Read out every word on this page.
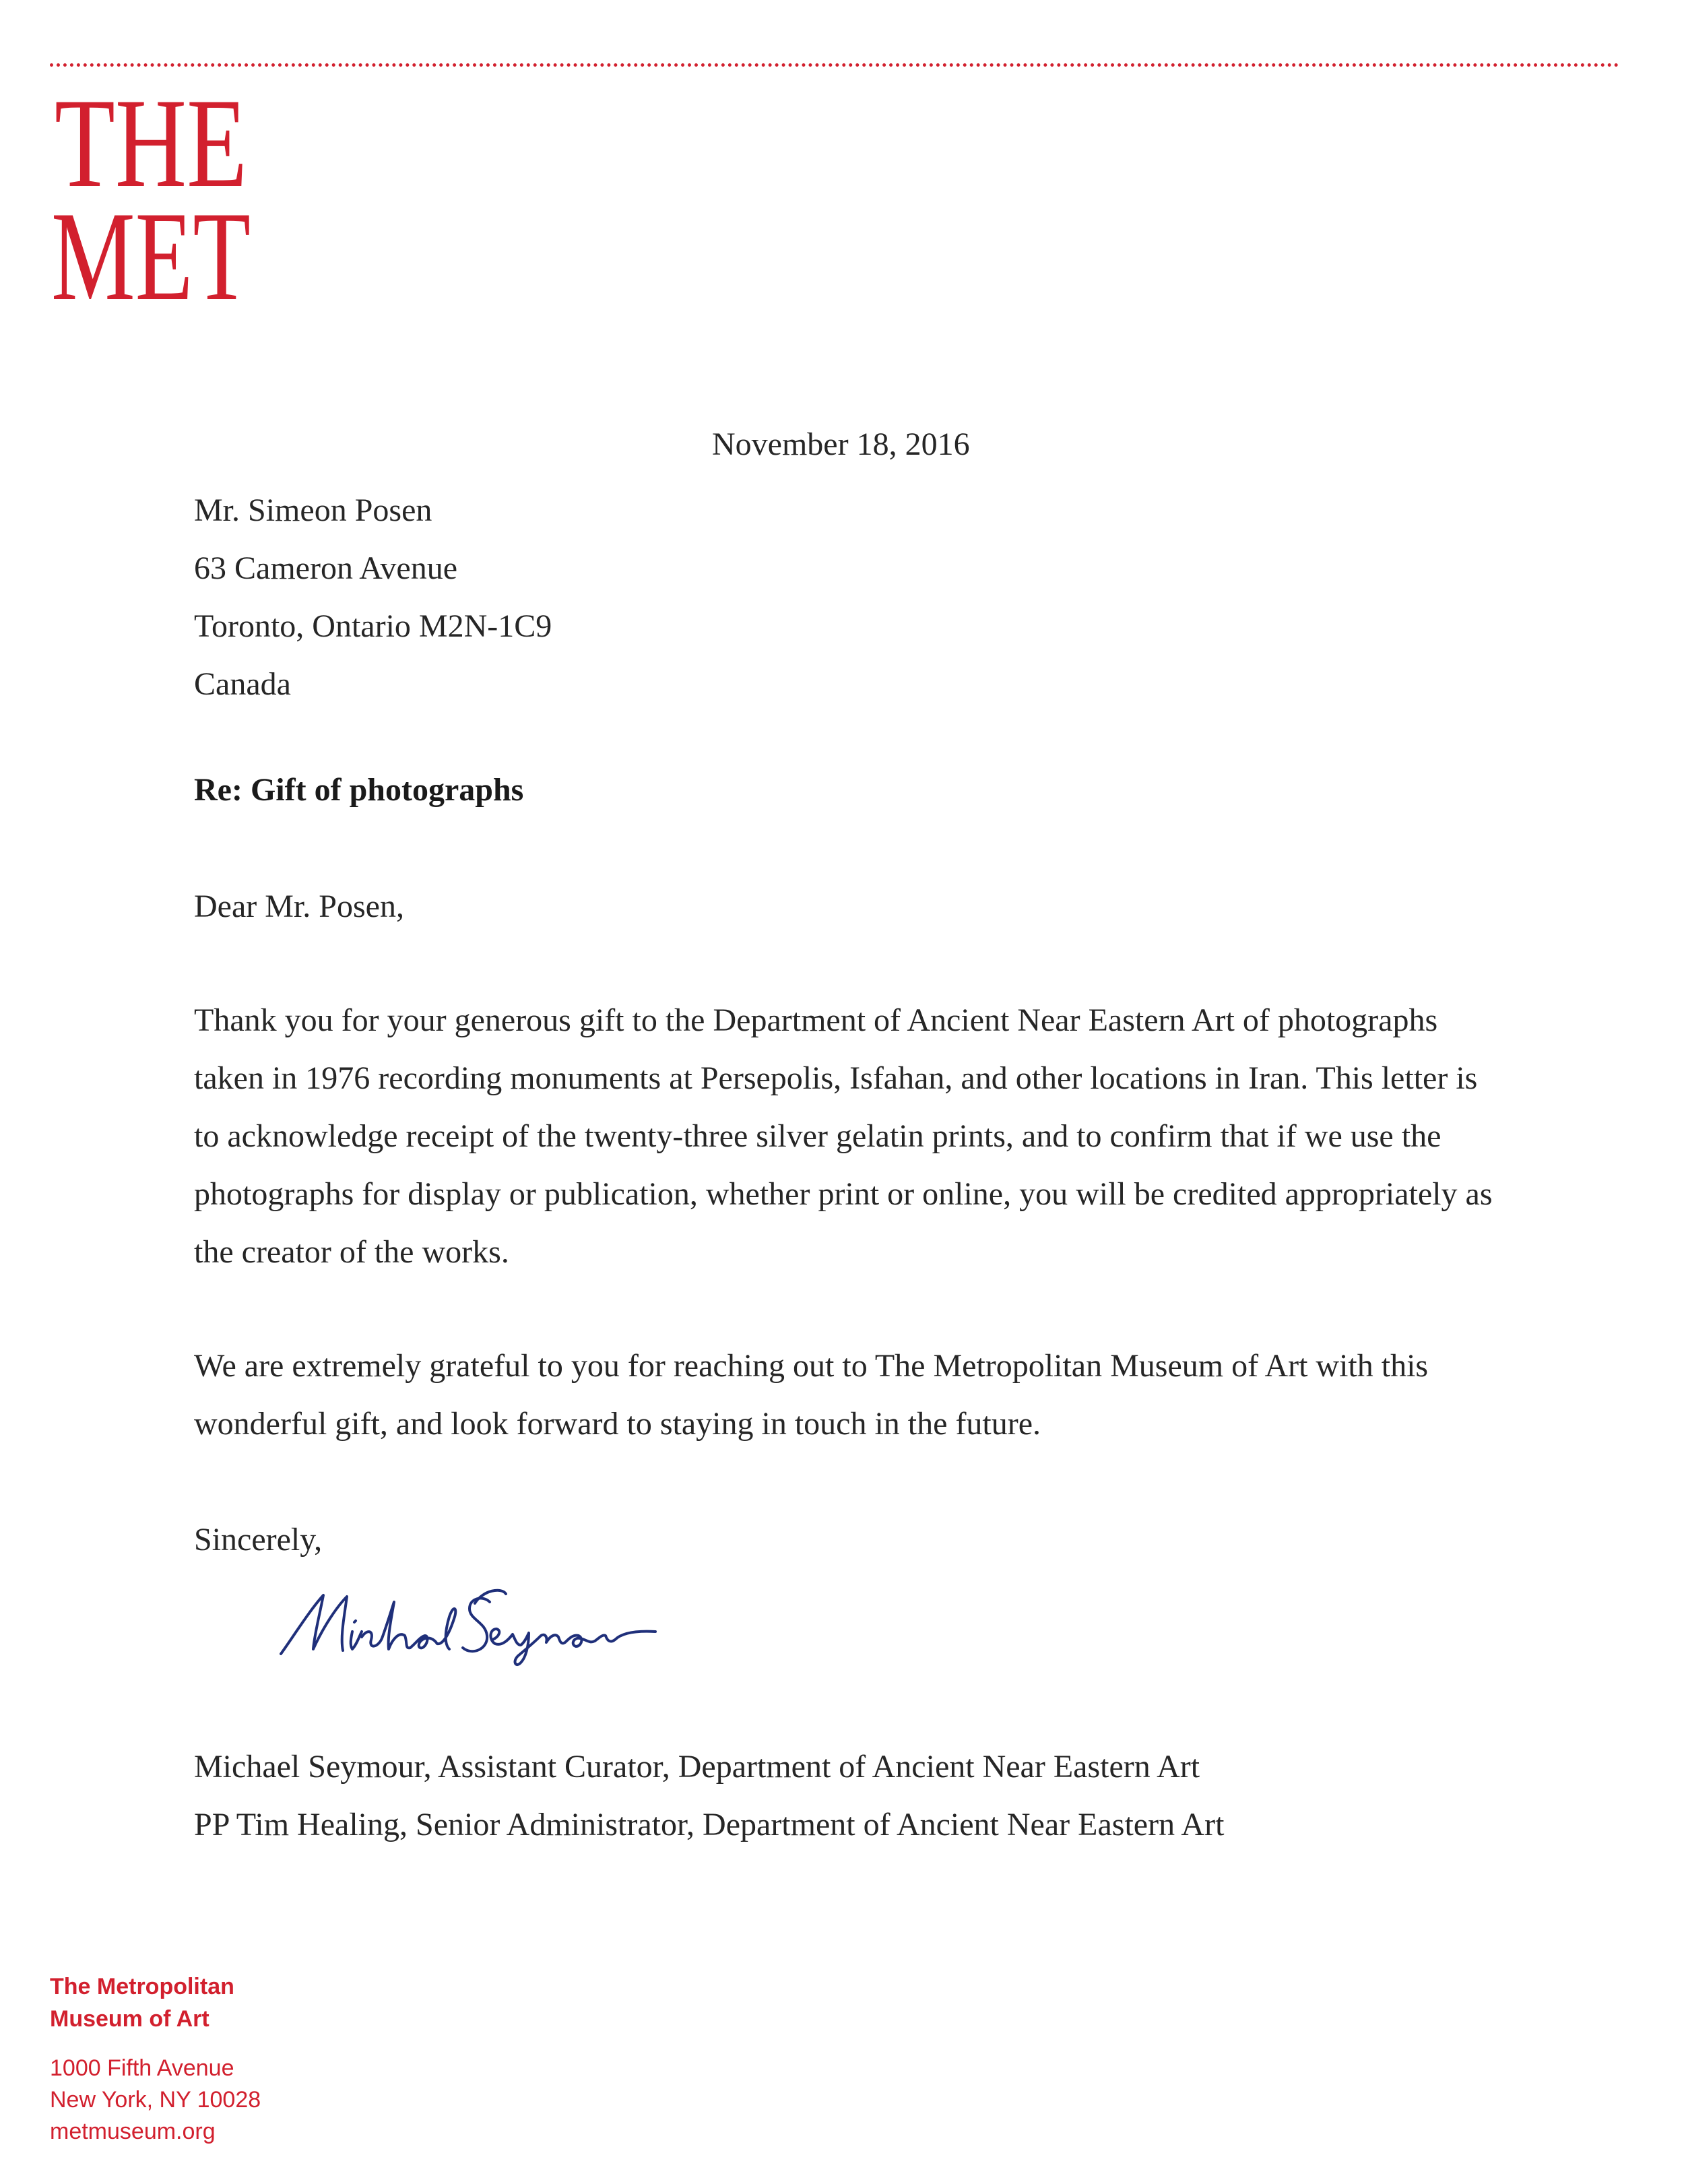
THE
MET
November 18, 2016
Mr. Simeon Posen
63 Cameron Avenue
Toronto, Ontario M2N-1C9
Canada
Re: Gift of photographs
Dear Mr. Posen,

Thank you for your generous gift to the Department of Ancient Near Eastern Art of photographs taken in 1976 recording monuments at Persepolis, Isfahan, and other locations in Iran. This letter is to acknowledge receipt of the twenty-three silver gelatin prints, and to confirm that if we use the photographs for display or publication, whether print or online, you will be credited appropriately as the creator of the works.

We are extremely grateful to you for reaching out to The Metropolitan Museum of Art with this wonderful gift, and look forward to staying in touch in the future.

Sincerely,
Michael Seymour, Assistant Curator, Department of Ancient Near Eastern Art
PP Tim Healing, Senior Administrator, Department of Ancient Near Eastern Art
The Metropolitan
Museum of Art
1000 Fifth Avenue
New York, NY 10028
metmuseum.org
